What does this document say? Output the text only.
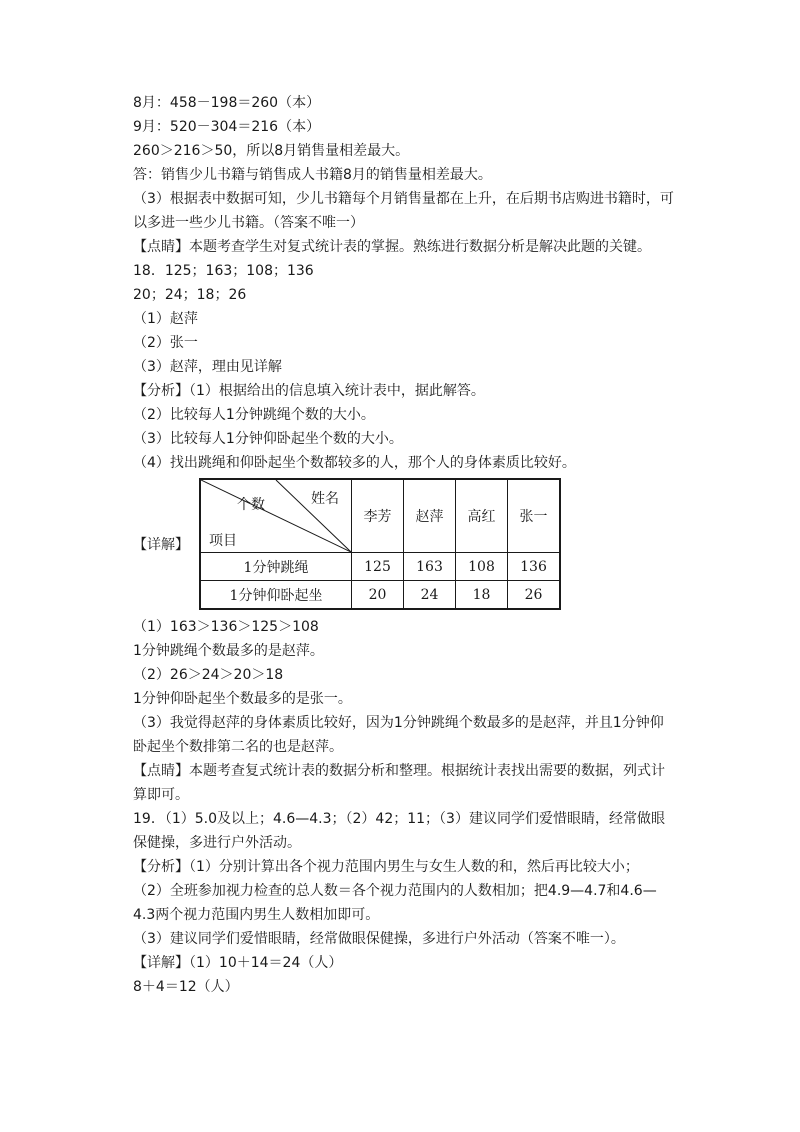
8月：458－198＝260（本）
9月：520－304＝216（本）
260＞216＞50，所以8月销售量相差最大。
答：销售少儿书籍与销售成人书籍8月的销售量相差最大。
（3）根据表中数据可知，少儿书籍每个月销售量都在上升，在后期书店购进书籍时，可
以多进一些少儿书籍。（答案不唯一）
【点睛】本题考查学生对复式统计表的掌握。熟练进行数据分析是解决此题的关键。
18．125；163；108；136
20；24；18；26
（1）赵萍
（2）张一
（3）赵萍，理由见详解
【分析】（1）根据给出的信息填入统计表中，据此解答。
（2）比较每人1分钟跳绳个数的大小。
（3）比较每人1分钟仰卧起坐个数的大小。
（4）找出跳绳和仰卧起坐个数都较多的人，那个人的身体素质比较好。
【详解】
姓名
个数
项目	李芳	赵萍	高红	张一
1分钟跳绳	125	163	108	136
1分钟仰卧起坐	20	24	18	26
（1）163＞136＞125＞108
1分钟跳绳个数最多的是赵萍。
（2）26＞24＞20＞18
1分钟仰卧起坐个数最多的是张一。
（3）我觉得赵萍的身体素质比较好，因为1分钟跳绳个数最多的是赵萍，并且1分钟仰
卧起坐个数排第二名的也是赵萍。
【点睛】本题考查复式统计表的数据分析和整理。根据统计表找出需要的数据，列式计
算即可。
19．（1）5.0及以上；4.6—4.3；（2）42；11；（3）建议同学们爱惜眼睛，经常做眼
保健操，多进行户外活动。
【分析】（1）分别计算出各个视力范围内男生与女生人数的和，然后再比较大小；
（2）全班参加视力检查的总人数＝各个视力范围内的人数相加；把4.9—4.7和4.6—
4.3两个视力范围内男生人数相加即可。
（3）建议同学们爱惜眼睛，经常做眼保健操，多进行户外活动（答案不唯一）。
【详解】（1）10＋14＝24（人）
8＋4＝12（人）
